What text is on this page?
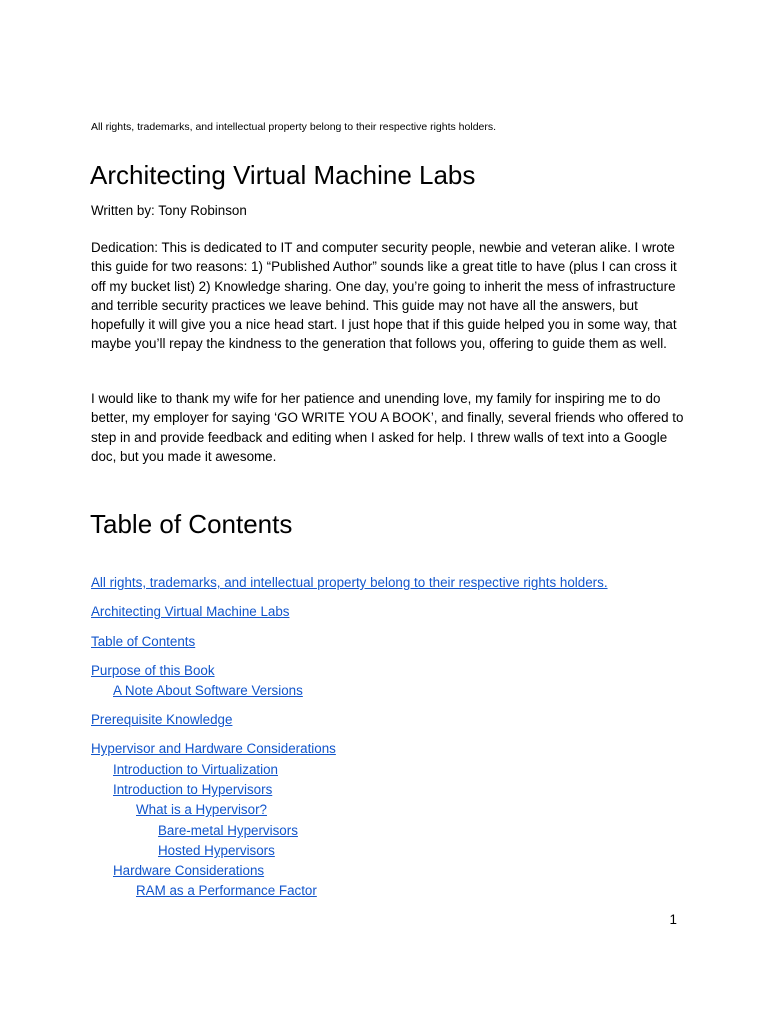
All rights, trademarks, and intellectual property belong to their respective rights holders.
Architecting Virtual Machine Labs
Written by: Tony Robinson

Dedication: This is dedicated to IT and computer security people, newbie and veteran alike. I wrote this guide for two reasons: 1) “Published Author” sounds like a great title to have (plus I can cross it off my bucket list) 2) Knowledge sharing. One day, you’re going to inherit the mess of infrastructure and terrible security practices we leave behind. This guide may not have all the answers, but hopefully it will give you a nice head start. I just hope that if this guide helped you in some way, that maybe you’ll repay the kindness to the generation that follows you, offering to guide them as well.

I would like to thank my wife for her patience and unending love, my family for inspiring me to do better, my employer for saying ‘GO WRITE YOU A BOOK’, and finally, several friends who offered to step in and provide feedback and editing when I asked for help. I threw walls of text into a Google doc, but you made it awesome.

Table of Contents
All rights, trademarks, and intellectual property belong to their respective rights holders.
Architecting Virtual Machine Labs
Table of Contents
Purpose of this Book
A Note About Software Versions
Prerequisite Knowledge
Hypervisor and Hardware Considerations
Introduction to Virtualization
Introduction to Hypervisors
What is a Hypervisor?
Bare-metal Hypervisors
Hosted Hypervisors
Hardware Considerations
RAM as a Performance Factor
1
